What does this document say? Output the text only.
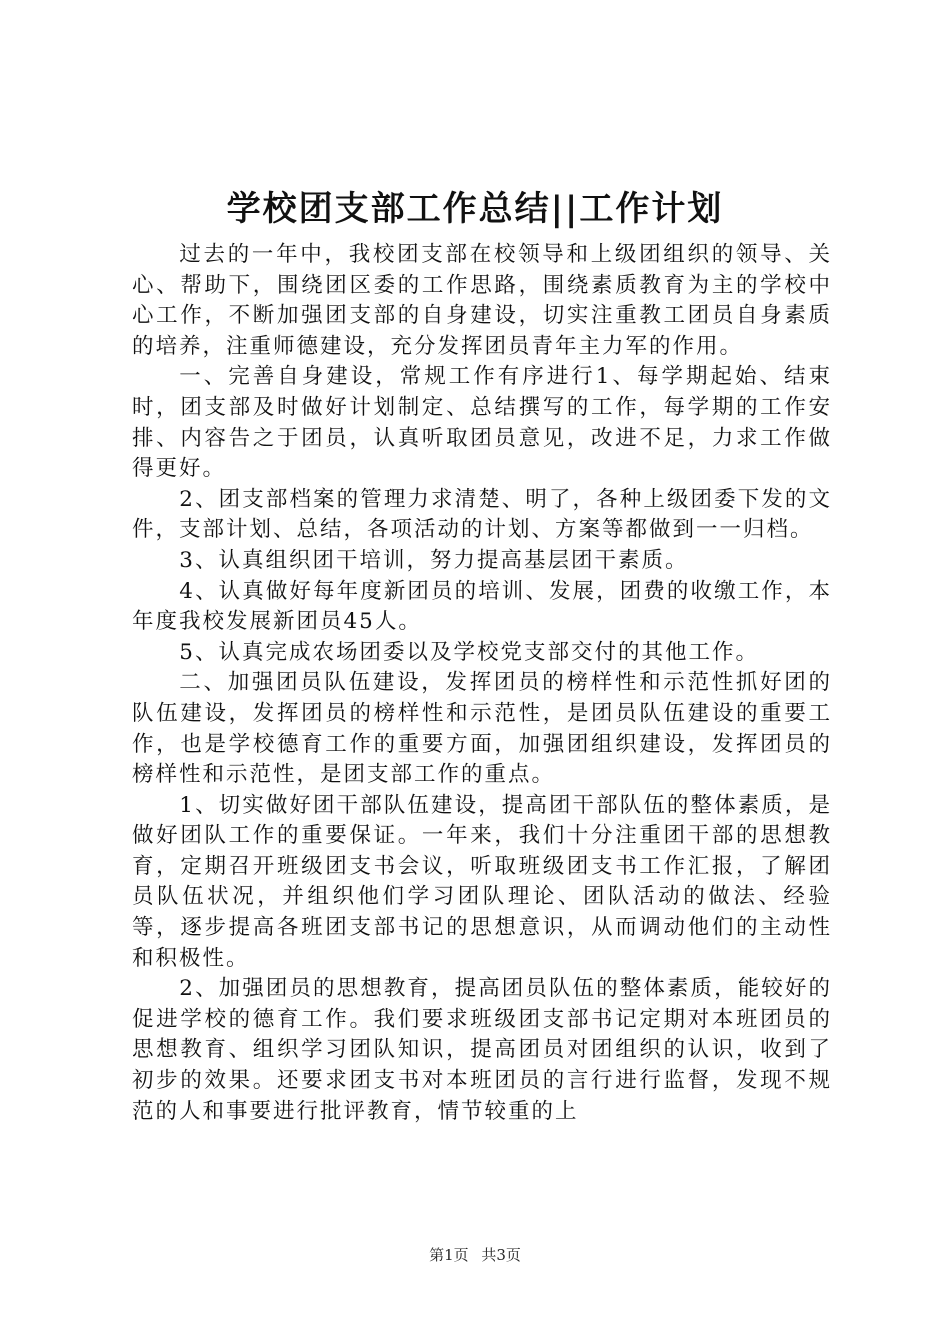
学校团支部工作总结||工作计划

过去的一年中，我校团支部在校领导和上级团组织的领导、关心、帮助下，围绕团区委的工作思路，围绕素质教育为主的学校中心工作，不断加强团支部的自身建设，切实注重教工团员自身素质的培养，注重师德建设，充分发挥团员青年主力军的作用。

一、完善自身建设，常规工作有序进行1、每学期起始、结束时，团支部及时做好计划制定、总结撰写的工作，每学期的工作安排、内容告之于团员，认真听取团员意见，改进不足，力求工作做得更好。

2、团支部档案的管理力求清楚、明了，各种上级团委下发的文件，支部计划、总结，各项活动的计划、方案等都做到一一归档。

3、认真组织团干培训，努力提高基层团干素质。

4、认真做好每年度新团员的培训、发展，团费的收缴工作，本年度我校发展新团员45人。

5、认真完成农场团委以及学校党支部交付的其他工作。

二、加强团员队伍建设，发挥团员的榜样性和示范性抓好团的队伍建设，发挥团员的榜样性和示范性，是团员队伍建设的重要工作，也是学校德育工作的重要方面，加强团组织建设，发挥团员的榜样性和示范性，是团支部工作的重点。

1、切实做好团干部队伍建设，提高团干部队伍的整体素质，是做好团队工作的重要保证。一年来，我们十分注重团干部的思想教育，定期召开班级团支书会议，听取班级团支书工作汇报，了解团员队伍状况，并组织他们学习团队理论、团队活动的做法、经验等，逐步提高各班团支部书记的思想意识，从而调动他们的主动性和积极性。

2、加强团员的思想教育，提高团员队伍的整体素质，能较好的促进学校的德育工作。我们要求班级团支部书记定期对本班团员的思想教育、组织学习团队知识，提高团员对团组织的认识，收到了初步的效果。还要求团支书对本班团员的言行进行监督，发现不规范的人和事要进行批评教育，情节较重的上

第1页 共3页
